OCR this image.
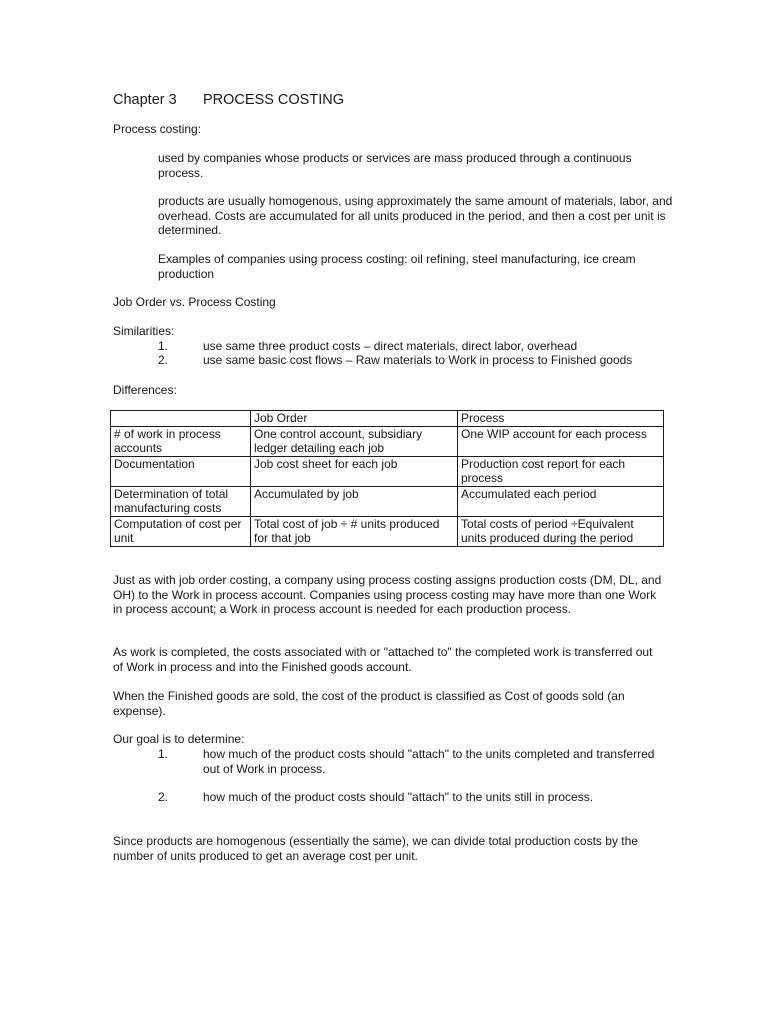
Chapter 3 PROCESS COSTING

Process costing:

used by companies whose products or services are mass produced through a continuous process.

products are usually homogenous, using approximately the same amount of materials, labor, and overhead. Costs are accumulated for all units produced in the period, and then a cost per unit is determined.

Examples of companies using process costing: oil refining, steel manufacturing, ice cream production

Job Order vs. Process Costing

Similarities:

1.	use same three product costs – direct materials, direct labor, overhead
2.	use same basic cost flows – Raw materials to Work in process to Finished goods

Differences:

	Job Order	Process
# of work in process accounts	One control account, subsidiary ledger detailing each job	One WIP account for each process
Documentation	Job cost sheet for each job	Production cost report for each process
Determination of total manufacturing costs	Accumulated by job	Accumulated each period
Computation of cost per unit	Total cost of job ÷ # units produced for that job	Total costs of period ÷Equivalent units produced during the period

Just as with job order costing, a company using process costing assigns production costs (DM, DL, and OH) to the Work in process account. Companies using process costing may have more than one Work in process account; a Work in process account is needed for each production process.

As work is completed, the costs associated with or "attached to" the completed work is transferred out of Work in process and into the Finished goods account.

When the Finished goods are sold, the cost of the product is classified as Cost of goods sold (an expense).

Our goal is to determine:

1.	how much of the product costs should "attach" to the units completed and transferred out of Work in process.
2.	how much of the product costs should "attach" to the units still in process.

Since products are homogenous (essentially the same), we can divide total production costs by the number of units produced to get an average cost per unit.
